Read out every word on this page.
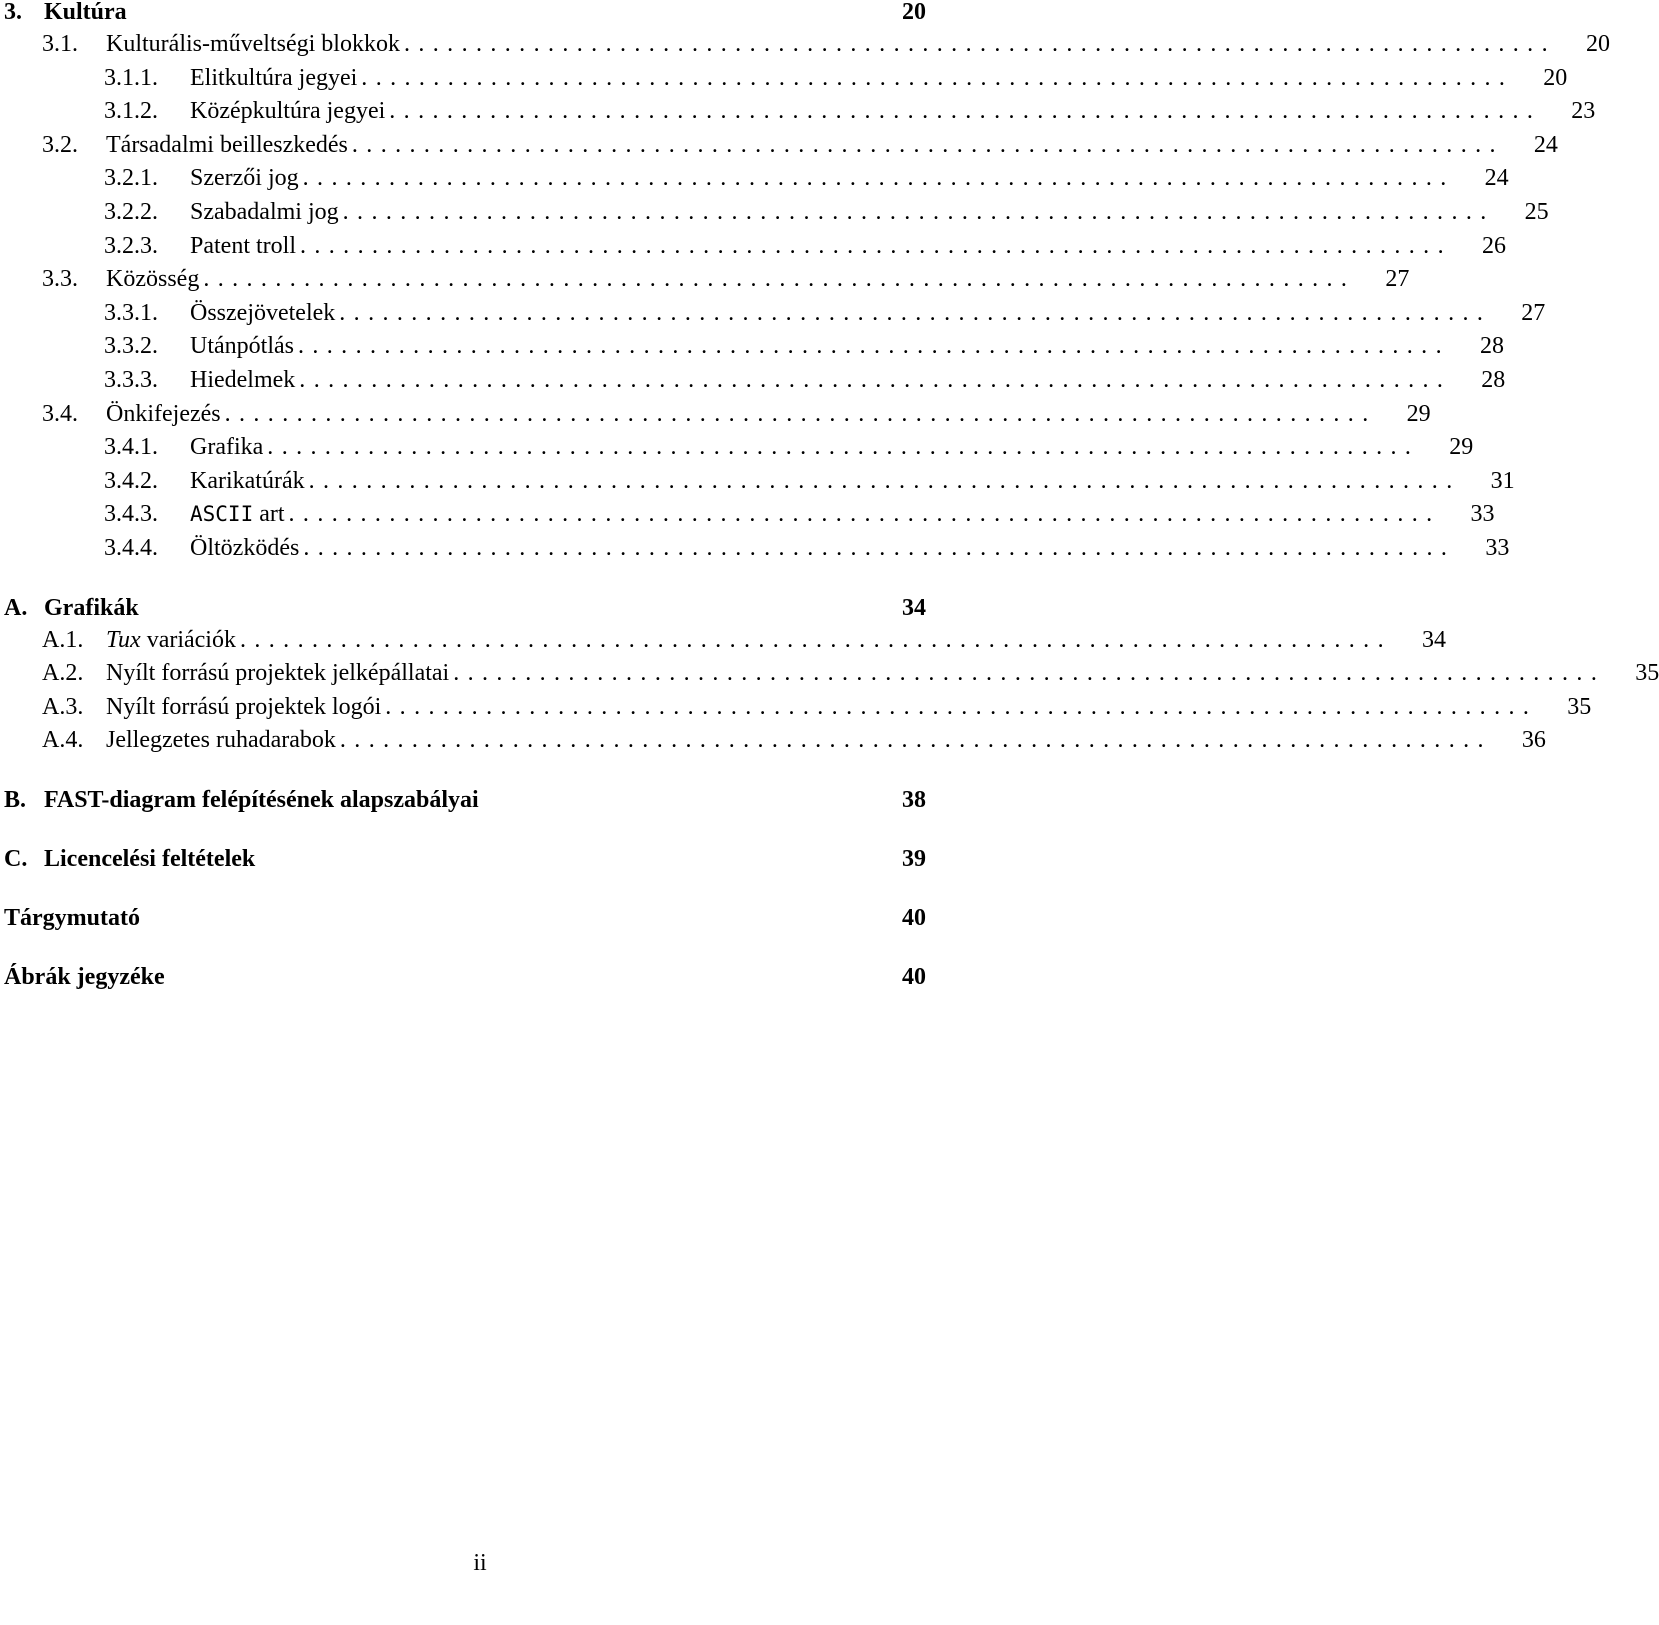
3. Kultúra	20
3.1.	Kulturális-műveltségi blokkok ................................................................................	20
3.1.1.	Elitkultúra jegyei ................................................................................	20
3.1.2.	Középkultúra jegyei ................................................................................	23
3.2.	Társadalmi beilleszkedés ................................................................................	24
3.2.1.	Szerzői jog ................................................................................	24
3.2.2.	Szabadalmi jog ................................................................................	25
3.2.3.	Patent troll ................................................................................	26
3.3.	Közösség ................................................................................	27
3.3.1.	Összejövetelek ................................................................................	27
3.3.2.	Utánpótlás ................................................................................	28
3.3.3.	Hiedelmek ................................................................................	28
3.4.	Önkifejezés ................................................................................	29
3.4.1.	Grafika ................................................................................	29
3.4.2.	Karikatúrák ................................................................................	31
3.4.3.	ASCII art ................................................................................	33
3.4.4.	Öltözködés ................................................................................	33
A. Grafikák	34
A.1. Tux variációk ................................................................................	34
A.2. Nyílt forrású projektek jelképállatai ................................................................................	35
A.3. Nyílt forrású projektek logói ................................................................................	35
A.4. Jellegzetes ruhadarabok ................................................................................	36
B. FAST-diagram felépítésének alapszabályai	38
C. Licencelési feltételek	39
Tárgymutató	40
Ábrák jegyzéke	40
ii
